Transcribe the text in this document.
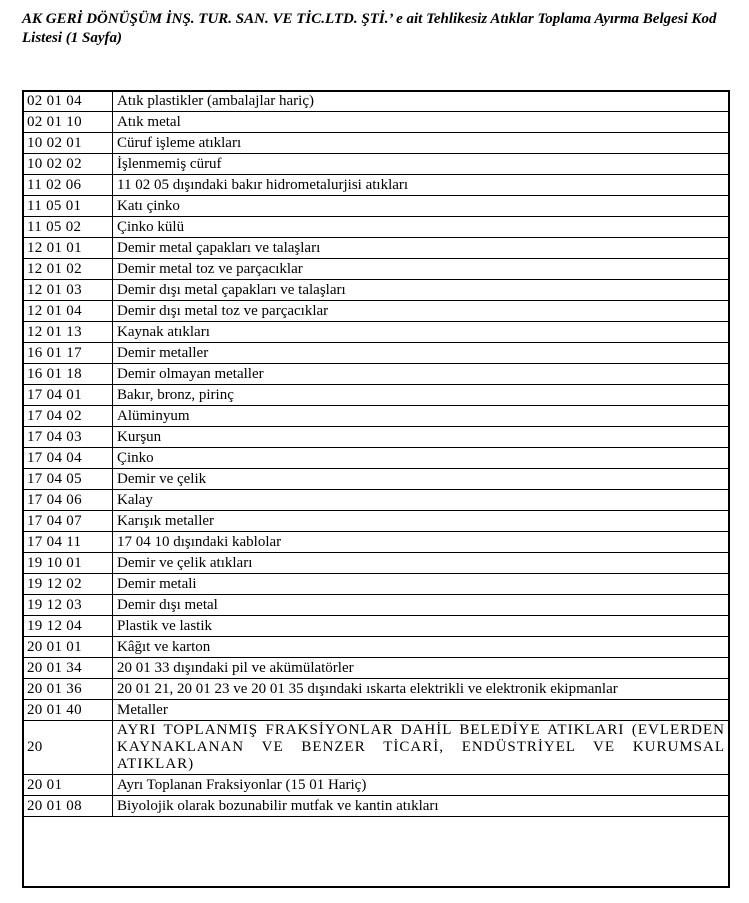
AK GERİ DÖNÜŞÜM İNŞ. TUR. SAN. VE TİC.LTD. ŞTİ.’ e ait Tehlikesiz Atıklar Toplama Ayırma Belgesi Kod Listesi (1 Sayfa)

02 01 04	Atık plastikler (ambalajlar hariç)
02 01 10	Atık metal
10 02 01	Cüruf işleme atıkları
10 02 02	İşlenmemiş cüruf
11 02 06	11 02 05 dışındaki bakır hidrometalurjisi atıkları
11 05 01	Katı çinko
11 05 02	Çinko külü
12 01 01	Demir metal çapakları ve talaşları
12 01 02	Demir metal toz ve parçacıklar
12 01 03	Demir dışı metal çapakları ve talaşları
12 01 04	Demir dışı metal toz ve parçacıklar
12 01 13	Kaynak atıkları
16 01 17	Demir metaller
16 01 18	Demir olmayan metaller
17 04 01	Bakır, bronz, pirinç
17 04 02	Alüminyum
17 04 03	Kurşun
17 04 04	Çinko
17 04 05	Demir ve çelik
17 04 06	Kalay
17 04 07	Karışık metaller
17 04 11	17 04 10 dışındaki kablolar
19 10 01	Demir ve çelik atıkları
19 12 02	Demir metali
19 12 03	Demir dışı metal
19 12 04	Plastik ve lastik
20 01 01	Kâğıt ve karton
20 01 34	20 01 33 dışındaki pil ve akümülatörler
20 01 36	20 01 21, 20 01 23 ve 20 01 35 dışındaki ıskarta elektrikli ve elektronik ekipmanlar
20 01 40	Metaller
20	AYRI TOPLANMIŞ FRAKSİYONLAR DAHİL BELEDİYE ATIKLARI (EVLERDEN KAYNAKLANAN VE BENZER TİCARİ, ENDÜSTRİYEL VE KURUMSAL ATIKLAR)
20 01	Ayrı Toplanan Fraksiyonlar (15 01 Hariç)
20 01 08	Biyolojik olarak bozunabilir mutfak ve kantin atıkları
